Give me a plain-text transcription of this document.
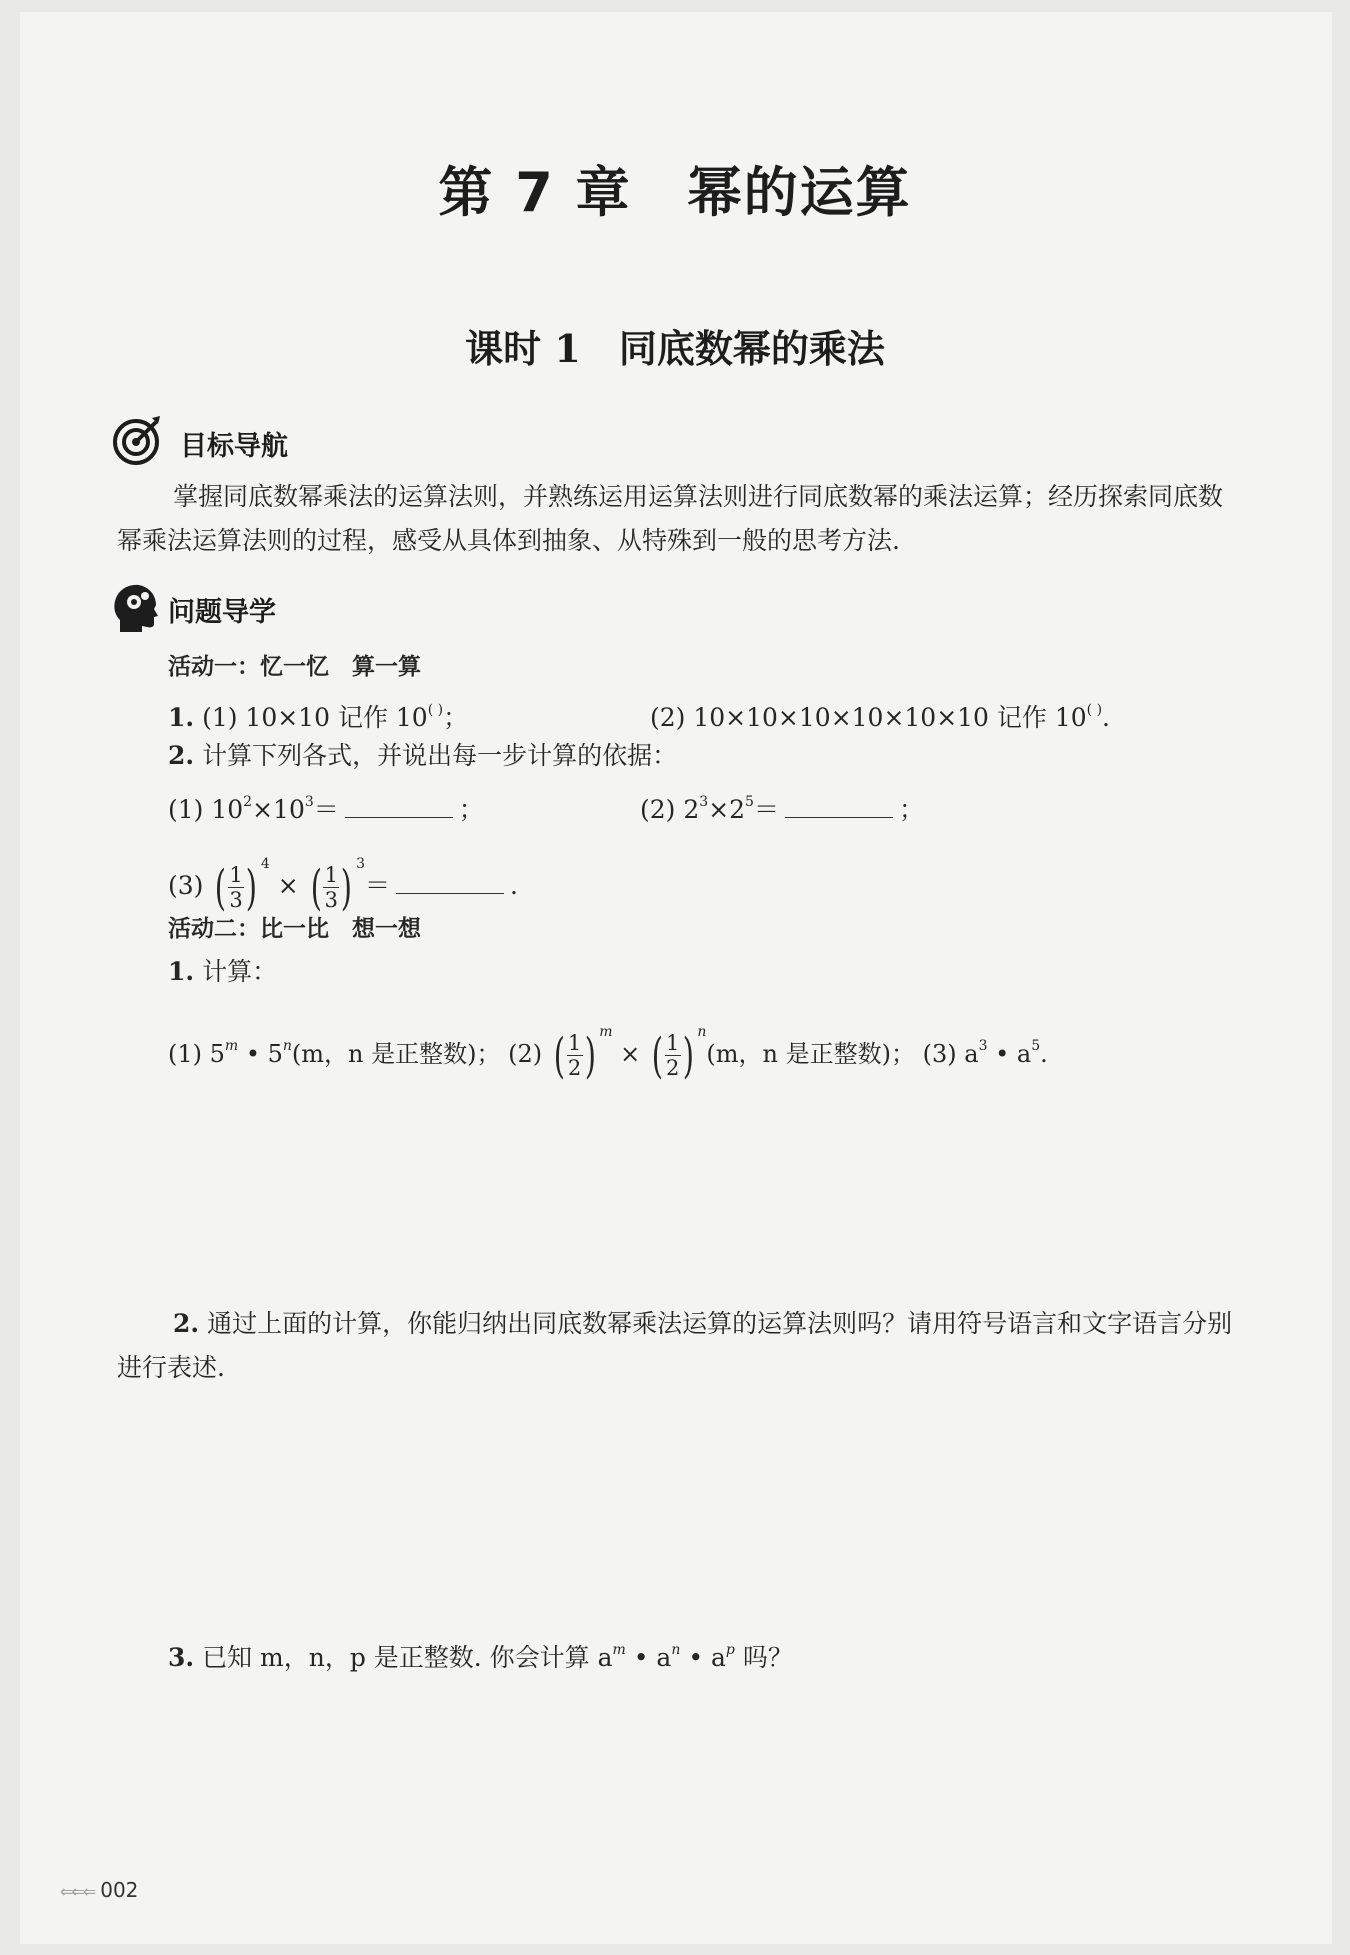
第 7 章　幂的运算
课时 1　同底数幂的乘法
目标导航
掌握同底数幂乘法的运算法则，并熟练运用运算法则进行同底数幂的乘法运算；经历探索同底数幂乘法运算法则的过程，感受从具体到抽象、从特殊到一般的思考方法.
问题导学
活动一：忆一忆　算一算
1. (1) 10×10 记作 10( )；	(2) 10×10×10×10×10×10 记作 10( ).
2. 计算下列各式，并说出每一步计算的依据：
(1) $10^2\times 10^3=$	；	(2) $2^3\times 2^5=$	；
(3) ( $\frac{1}{3}$ ) $^4$ × ( $\frac{1}{3}$ ) $^3$＝	.
活动二：比一比　想一想
1. 计算：
(1) 5$^m$ • 5$^n$(m，n 是正整数)； (2) ( $\frac{1}{2}$ ) $^m$ × ( $\frac{1}{2}$ ) $^n$(m，n 是正整数)； (3) $a^3$ • $a^5$.
2. 通过上面的计算，你能归纳出同底数幂乘法运算的运算法则吗？请用符号语言和文字语言分别进行表述.
3. 已知 m，n，p 是正整数. 你会计算 $a^m$ • $a^n$ • $a^p$ 吗？
⇐⇐⇐ 002
